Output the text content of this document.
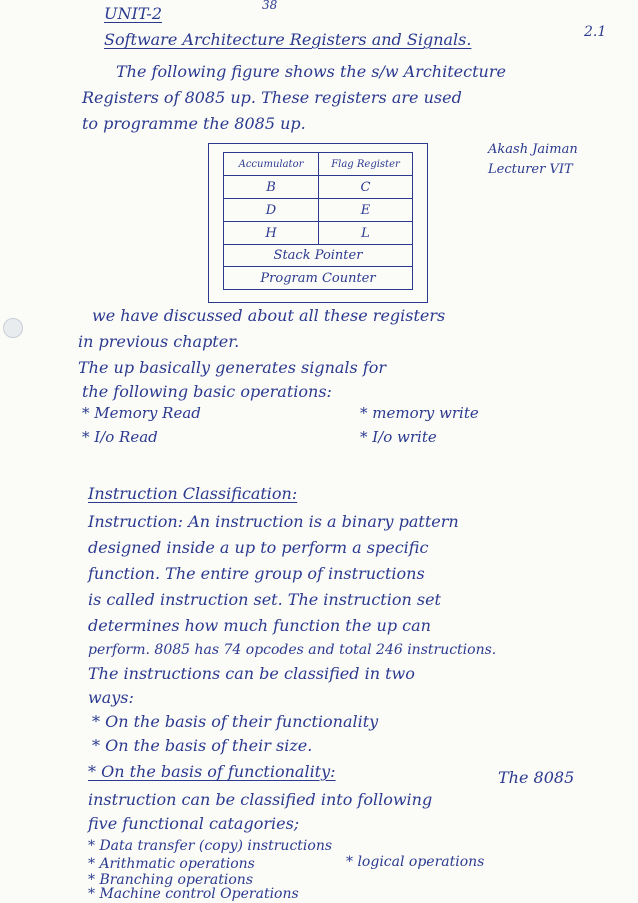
38
UNIT-2
Software Architecture Registers and Signals.	2.1
The following figure shows the s/w Architecture
Registers of 8085 up. These registers are used
to programme the 8085 up.
Akash Jaiman
Lecturer VIT
Accumulator	Flag Register
B	C
D	E
H	L
Stack Pointer
Program Counter
we have discussed about all these registers
in previous chapter.
The up basically generates signals for
the following basic operations:
* Memory Read	* memory write
* I/o Read	* I/o write
Instruction Classification:
Instruction: An instruction is a binary pattern
designed inside a up to perform a specific
function. The entire group of instructions
is called instruction set. The instruction set
determines how much function the up can
perform. 8085 has 74 opcodes and total 246 instructions.
The instructions can be classified in two
ways:
* On the basis of their functionality
* On the basis of their size.
* On the basis of functionality:	The 8085
instruction can be classified into following
five functional catagories;
* Data transfer (copy) instructions
* Arithmatic operations	* logical operations
* Branching operations
* Machine control Operations
